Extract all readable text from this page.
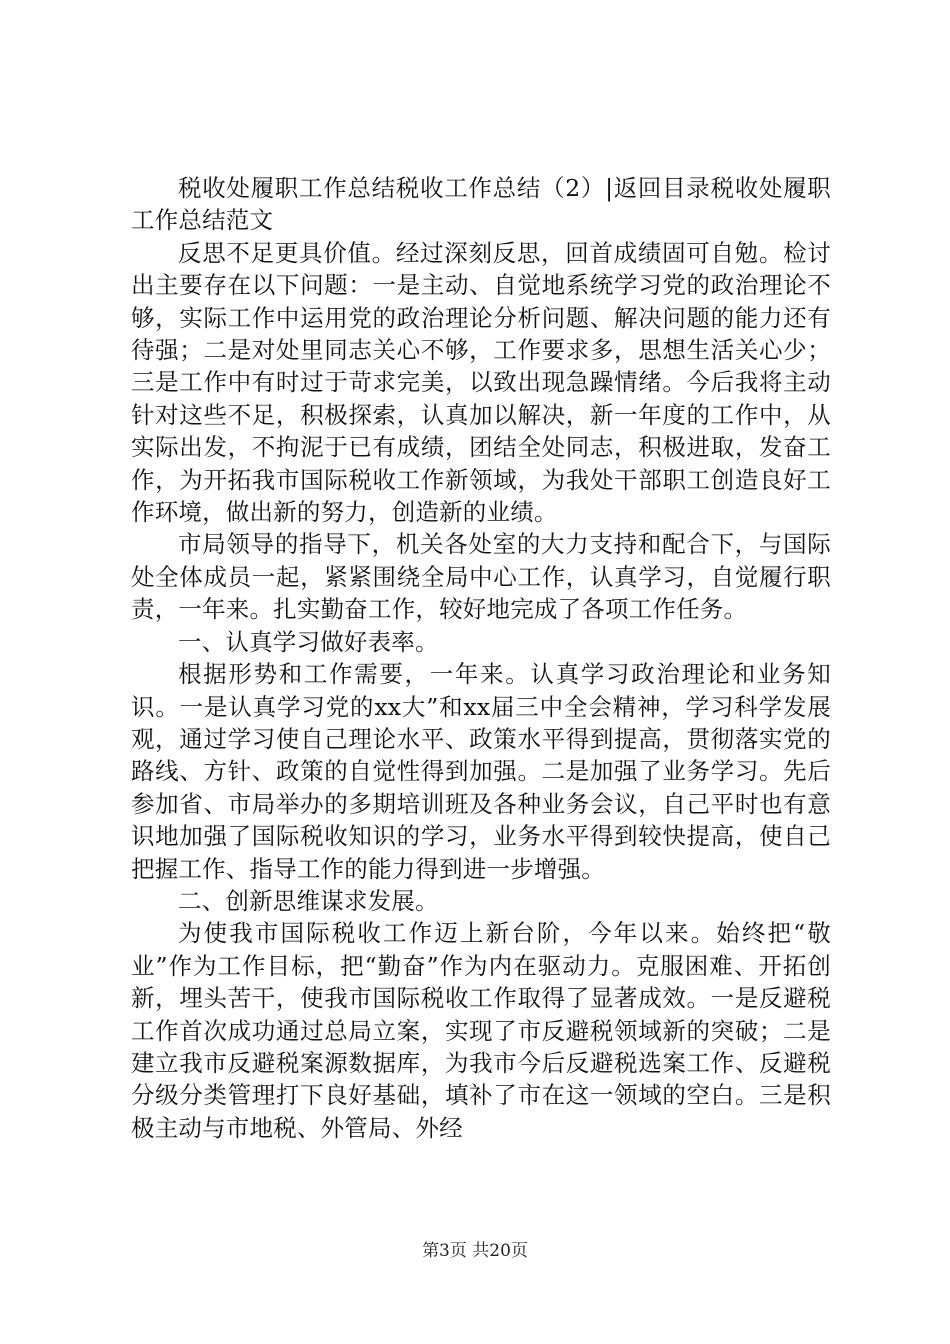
税收处履职工作总结税收工作总结（2）|返回目录税收处履职工作总结范文

反思不足更具价值。经过深刻反思，回首成绩固可自勉。检讨出主要存在以下问题：一是主动、自觉地系统学习党的政治理论不够，实际工作中运用党的政治理论分析问题、解决问题的能力还有待强；二是对处里同志关心不够，工作要求多，思想生活关心少；三是工作中有时过于苛求完美，以致出现急躁情绪。今后我将主动针对这些不足，积极探索，认真加以解决，新一年度的工作中，从实际出发，不拘泥于已有成绩，团结全处同志，积极进取，发奋工作，为开拓我市国际税收工作新领域，为我处干部职工创造良好工作环境，做出新的努力，创造新的业绩。

市局领导的指导下，机关各处室的大力支持和配合下，与国际处全体成员一起，紧紧围绕全局中心工作，认真学习，自觉履行职责，一年来。扎实勤奋工作，较好地完成了各项工作任务。

一、认真学习做好表率。

根据形势和工作需要，一年来。认真学习政治理论和业务知识。一是认真学习党的xx大”和xx届三中全会精神，学习科学发展观，通过学习使自己理论水平、政策水平得到提高，贯彻落实党的路线、方针、政策的自觉性得到加强。二是加强了业务学习。先后参加省、市局举办的多期培训班及各种业务会议，自己平时也有意识地加强了国际税收知识的学习，业务水平得到较快提高，使自己把握工作、指导工作的能力得到进一步增强。

二、创新思维谋求发展。

为使我市国际税收工作迈上新台阶，今年以来。始终把“敬业”作为工作目标，把“勤奋”作为内在驱动力。克服困难、开拓创新，埋头苦干，使我市国际税收工作取得了显著成效。一是反避税工作首次成功通过总局立案，实现了市反避税领域新的突破；二是建立我市反避税案源数据库，为我市今后反避税选案工作、反避税分级分类管理打下良好基础，填补了市在这一领域的空白。三是积极主动与市地税、外管局、外经

第3页 共20页
